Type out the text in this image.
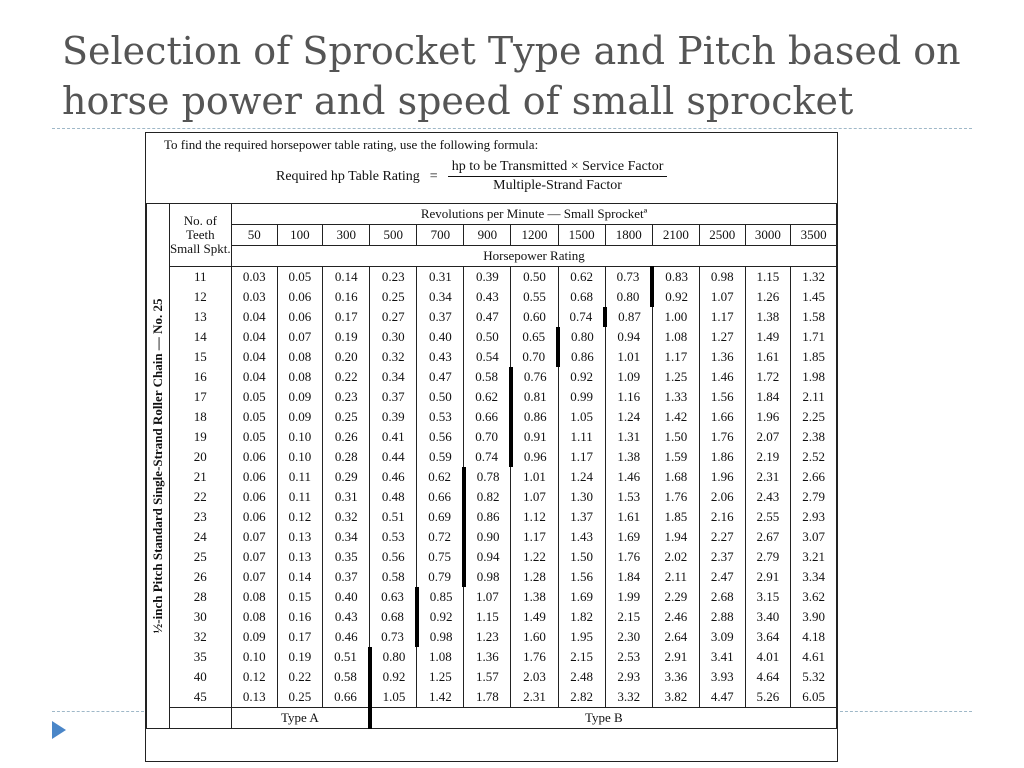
Selection of Sprocket Type and Pitch based on horse power and speed of small sprocket
To find the required horsepower table rating, use the following formula:
Required hp Table Rating = $\frac{\text{hp to be Transmitted × Service Factor}}{\text{Multiple-Strand Factor}}$
½-inch Pitch Standard Single-Strand Roller Chain — No. 25	No. of Teeth Small Spkt.	Revolutions per Minute — Small Sprocketª												
		50	100	300	500	700	900	1200	1500	1800	2100	2500	3000	3500
		Horsepower Rating												
	11	0.03	0.05	0.14	0.23	0.31	0.39	0.50	0.62	0.73	0.83	0.98	1.15	1.32
	12	0.03	0.06	0.16	0.25	0.34	0.43	0.55	0.68	0.80	0.92	1.07	1.26	1.45
	13	0.04	0.06	0.17	0.27	0.37	0.47	0.60	0.74	0.87	1.00	1.17	1.38	1.58
	14	0.04	0.07	0.19	0.30	0.40	0.50	0.65	0.80	0.94	1.08	1.27	1.49	1.71
	15	0.04	0.08	0.20	0.32	0.43	0.54	0.70	0.86	1.01	1.17	1.36	1.61	1.85
	16	0.04	0.08	0.22	0.34	0.47	0.58	0.76	0.92	1.09	1.25	1.46	1.72	1.98
	17	0.05	0.09	0.23	0.37	0.50	0.62	0.81	0.99	1.16	1.33	1.56	1.84	2.11
	18	0.05	0.09	0.25	0.39	0.53	0.66	0.86	1.05	1.24	1.42	1.66	1.96	2.25
	19	0.05	0.10	0.26	0.41	0.56	0.70	0.91	1.11	1.31	1.50	1.76	2.07	2.38
	20	0.06	0.10	0.28	0.44	0.59	0.74	0.96	1.17	1.38	1.59	1.86	2.19	2.52
	21	0.06	0.11	0.29	0.46	0.62	0.78	1.01	1.24	1.46	1.68	1.96	2.31	2.66
	22	0.06	0.11	0.31	0.48	0.66	0.82	1.07	1.30	1.53	1.76	2.06	2.43	2.79
	23	0.06	0.12	0.32	0.51	0.69	0.86	1.12	1.37	1.61	1.85	2.16	2.55	2.93
	24	0.07	0.13	0.34	0.53	0.72	0.90	1.17	1.43	1.69	1.94	2.27	2.67	3.07
	25	0.07	0.13	0.35	0.56	0.75	0.94	1.22	1.50	1.76	2.02	2.37	2.79	3.21
	26	0.07	0.14	0.37	0.58	0.79	0.98	1.28	1.56	1.84	2.11	2.47	2.91	3.34
	28	0.08	0.15	0.40	0.63	0.85	1.07	1.38	1.69	1.99	2.29	2.68	3.15	3.62
	30	0.08	0.16	0.43	0.68	0.92	1.15	1.49	1.82	2.15	2.46	2.88	3.40	3.90
	32	0.09	0.17	0.46	0.73	0.98	1.23	1.60	1.95	2.30	2.64	3.09	3.64	4.18
	35	0.10	0.19	0.51	0.80	1.08	1.36	1.76	2.15	2.53	2.91	3.41	4.01	4.61
	40	0.12	0.22	0.58	0.92	1.25	1.57	2.03	2.48	2.93	3.36	3.93	4.64	5.32
	45	0.13	0.25	0.66	1.05	1.42	1.78	2.31	2.82	3.32	3.82	4.47	5.26	6.05
		Type A			Type B									
